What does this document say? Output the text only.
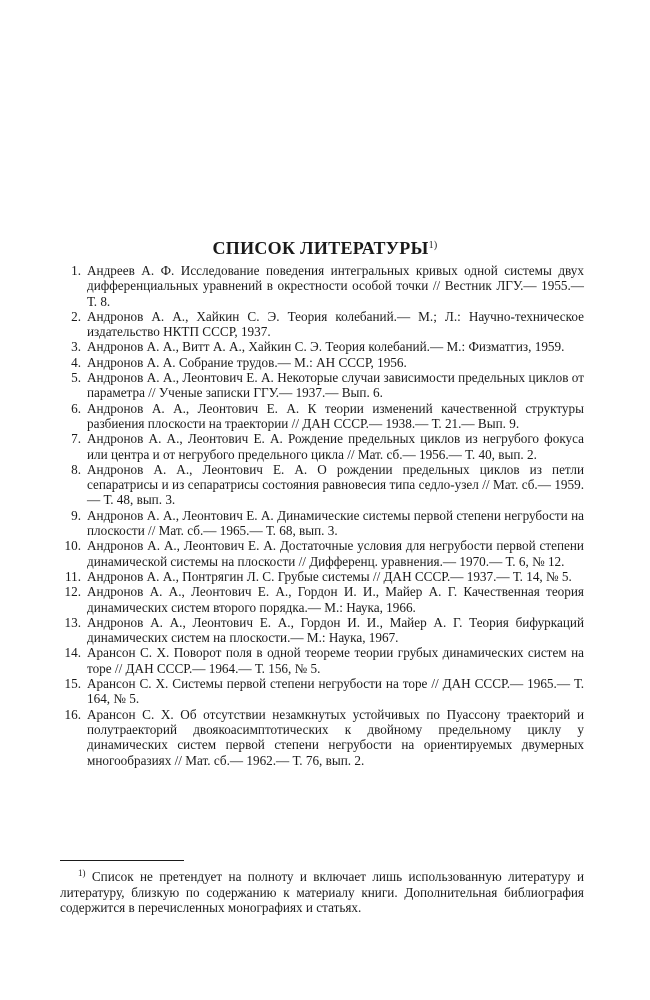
СПИСОК ЛИТЕРАТУРЫ$^{1)}$
1. Андреев А. Ф. Исследование поведения интегральных кривых одной системы двух дифференциальных уравнений в окрестности особой точки // Вестник ЛГУ.— 1955.— Т. 8.
2. Андронов А. А., Хайкин С. Э. Теория колебаний.— М.; Л.: Научно-техническое издательство НКТП СССР, 1937.
3. Андронов А. А., Витт А. А., Хайкин С. Э. Теория колебаний.— М.: Физматгиз, 1959.
4. Андронов А. А. Собрание трудов.— М.: АН СССР, 1956.
5. Андронов А. А., Леонтович Е. А. Некоторые случаи зависимости предельных циклов от параметра // Ученые записки ГГУ.— 1937.— Вып. 6.
6. Андронов А. А., Леонтович Е. А. К теории изменений качественной структуры разбиения плоскости на траектории // ДАН СССР.— 1938.— Т. 21.— Вып. 9.
7. Андронов А. А., Леонтович Е. А. Рождение предельных циклов из негрубого фокуса или центра и от негрубого предельного цикла // Мат. сб.— 1956.— Т. 40, вып. 2.
8. Андронов А. А., Леонтович Е. А. О рождении предельных циклов из петли сепаратрисы и из сепаратрисы состояния равновесия типа седло-узел // Мат. сб.— 1959.— Т. 48, вып. 3.
9. Андронов А. А., Леонтович Е. А. Динамические системы первой степени негрубости на плоскости // Мат. сб.— 1965.— Т. 68, вып. 3.
10. Андронов А. А., Леонтович Е. А. Достаточные условия для негрубости первой степени динамической системы на плоскости // Дифференц. уравнения.— 1970.— Т. 6, № 12.
11. Андронов А. А., Понтрягин Л. С. Грубые системы // ДАН СССР.— 1937.— Т. 14, № 5.
12. Андронов А. А., Леонтович Е. А., Гордон И. И., Майер А. Г. Качественная теория динамических систем второго порядка.— М.: Наука, 1966.
13. Андронов А. А., Леонтович Е. А., Гордон И. И., Майер А. Г. Теория бифуркаций динамических систем на плоскости.— М.: Наука, 1967.
14. Арансон С. Х. Поворот поля в одной теореме теории грубых динамических систем на торе // ДАН СССР.— 1964.— Т. 156, № 5.
15. Арансон С. Х. Системы первой степени негрубости на торе // ДАН СССР.— 1965.— Т. 164, № 5.
16. Арансон С. Х. Об отсутствии незамкнутых устойчивых по Пуассону траекторий и полутраекторий двоякоасимптотических к двойному предельному циклу у динамических систем первой степени негрубости на ориентируемых двумерных многообразиях // Мат. сб.— 1962.— Т. 76, вып. 2.

$^{1)}$ Список не претендует на полноту и включает лишь использованную литературу и литературу, близкую по содержанию к материалу книги. Дополнительная библиография содержится в перечисленных монографиях и статьях.
